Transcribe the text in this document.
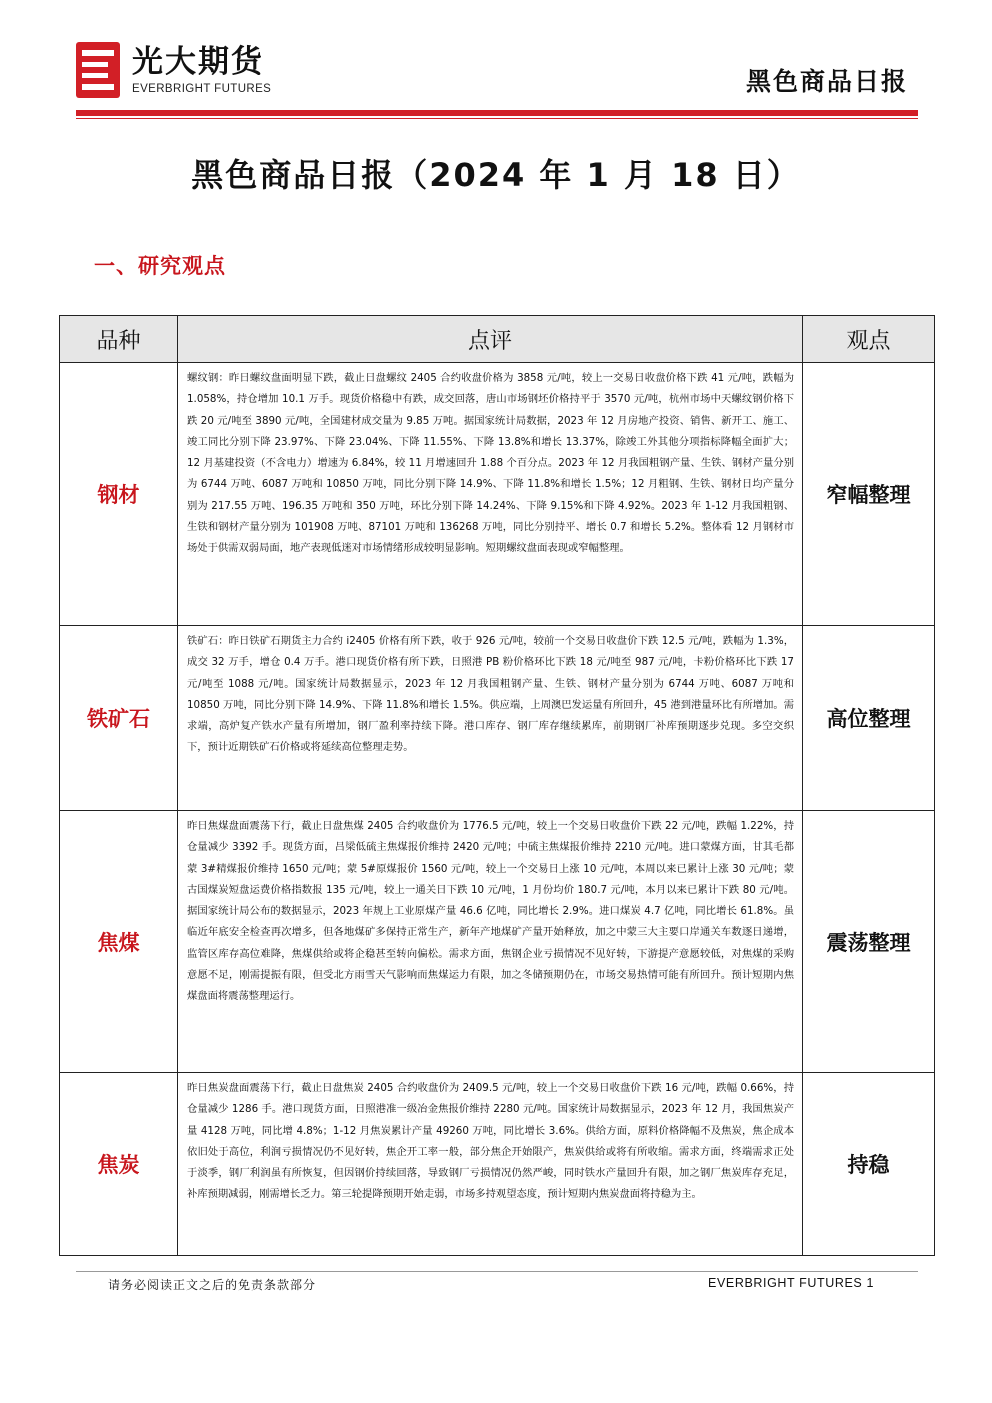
光大期货
EVERBRIGHT FUTURES	黑色商品日报
黑色商品日报（2024 年 1 月 18 日）
一、研究观点
品种	点评	观点
钢材	螺纹钢：昨日螺纹盘面明显下跌，截止日盘螺纹 2405 合约收盘价格为 3858 元/吨，较上一交易日收盘价格下跌 41 元/吨，跌幅为 1.058%，持仓增加 10.1 万手。现货价格稳中有跌，成交回落，唐山市场钢坯价格持平于 3570 元/吨，杭州市场中天螺纹钢价格下跌 20 元/吨至 3890 元/吨，全国建材成交量为 9.85 万吨。据国家统计局数据，2023 年 12 月房地产投资、销售、新开工、施工、竣工同比分别下降 23.97%、下降 23.04%、下降 11.55%、下降 13.8%和增长 13.37%，除竣工外其他分项指标降幅全面扩大；12 月基建投资（不含电力）增速为 6.84%，较 11 月增速回升 1.88 个百分点。2023 年 12 月我国粗钢产量、生铁、钢材产量分别为 6744 万吨、6087 万吨和 10850 万吨，同比分别下降 14.9%、下降 11.8%和增长 1.5%；12 月粗钢、生铁、钢材日均产量分别为 217.55 万吨、196.35 万吨和 350 万吨，环比分别下降 14.24%、下降 9.15%和下降 4.92%。2023 年 1-12 月我国粗钢、生铁和钢材产量分别为 101908 万吨、87101 万吨和 136268 万吨，同比分别持平、增长 0.7 和增长 5.2%。整体看 12 月钢材市场处于供需双弱局面，地产表现低迷对市场情绪形成较明显影响。短期螺纹盘面表现或窄幅整理。	窄幅整理
铁矿石	铁矿石：昨日铁矿石期货主力合约 i2405 价格有所下跌，收于 926 元/吨，较前一个交易日收盘价下跌 12.5 元/吨，跌幅为 1.3%，成交 32 万手，增仓 0.4 万手。港口现货价格有所下跌，日照港 PB 粉价格环比下跌 18 元/吨至 987 元/吨，卡粉价格环比下跌 17 元/吨至 1088 元/吨。国家统计局数据显示，2023 年 12 月我国粗钢产量、生铁、钢材产量分别为 6744 万吨、6087 万吨和 10850 万吨，同比分别下降 14.9%、下降 11.8%和增长 1.5%。供应端，上周澳巴发运量有所回升，45 港到港量环比有所增加。需求端，高炉复产铁水产量有所增加，钢厂盈利率持续下降。港口库存、钢厂库存继续累库，前期钢厂补库预期逐步兑现。多空交织下，预计近期铁矿石价格或将延续高位整理走势。	高位整理
焦煤	昨日焦煤盘面震荡下行，截止日盘焦煤 2405 合约收盘价为 1776.5 元/吨，较上一个交易日收盘价下跌 22 元/吨，跌幅 1.22%，持仓量减少 3392 手。现货方面，吕梁低硫主焦煤报价维持 2420 元/吨；中硫主焦煤报价维持 2210 元/吨。进口蒙煤方面，甘其毛都蒙 3#精煤报价维持 1650 元/吨；蒙 5#原煤报价 1560 元/吨，较上一个交易日上涨 10 元/吨，本周以来已累计上涨 30 元/吨；蒙古国煤炭短盘运费价格指数报 135 元/吨，较上一通关日下跌 10 元/吨，1 月份均价 180.7 元/吨，本月以来已累计下跌 80 元/吨。据国家统计局公布的数据显示，2023 年规上工业原煤产量 46.6 亿吨，同比增长 2.9%。进口煤炭 4.7 亿吨，同比增长 61.8%。虽临近年底安全检查再次增多，但各地煤矿多保持正常生产，新年产地煤矿产量开始释放，加之中蒙三大主要口岸通关车数逐日递增，监管区库存高位难降，焦煤供给或将企稳甚至转向偏松。需求方面，焦钢企业亏损情况不见好转，下游提产意愿较低，对焦煤的采购意愿不足，刚需提振有限，但受北方雨雪天气影响而焦煤运力有限，加之冬储预期仍在，市场交易热情可能有所回升。预计短期内焦煤盘面将震荡整理运行。	震荡整理
焦炭	昨日焦炭盘面震荡下行，截止日盘焦炭 2405 合约收盘价为 2409.5 元/吨，较上一个交易日收盘价下跌 16 元/吨，跌幅 0.66%，持仓量减少 1286 手。港口现货方面，日照港准一级冶金焦报价维持 2280 元/吨。国家统计局数据显示，2023 年 12 月，我国焦炭产量 4128 万吨，同比增 4.8%；1-12 月焦炭累计产量 49260 万吨，同比增长 3.6%。供给方面，原料价格降幅不及焦炭，焦企成本依旧处于高位，利润亏损情况仍不见好转，焦企开工率一般，部分焦企开始限产，焦炭供给或将有所收缩。需求方面，终端需求正处于淡季，钢厂利润虽有所恢复，但因钢价持续回落，导致钢厂亏损情况仍然严峻，同时铁水产量回升有限，加之钢厂焦炭库存充足，补库预期减弱，刚需增长乏力。第三轮提降预期开始走弱，市场多持观望态度，预计短期内焦炭盘面将持稳为主。	持稳
请务必阅读正文之后的免责条款部分	EVERBRIGHT FUTURES 1
